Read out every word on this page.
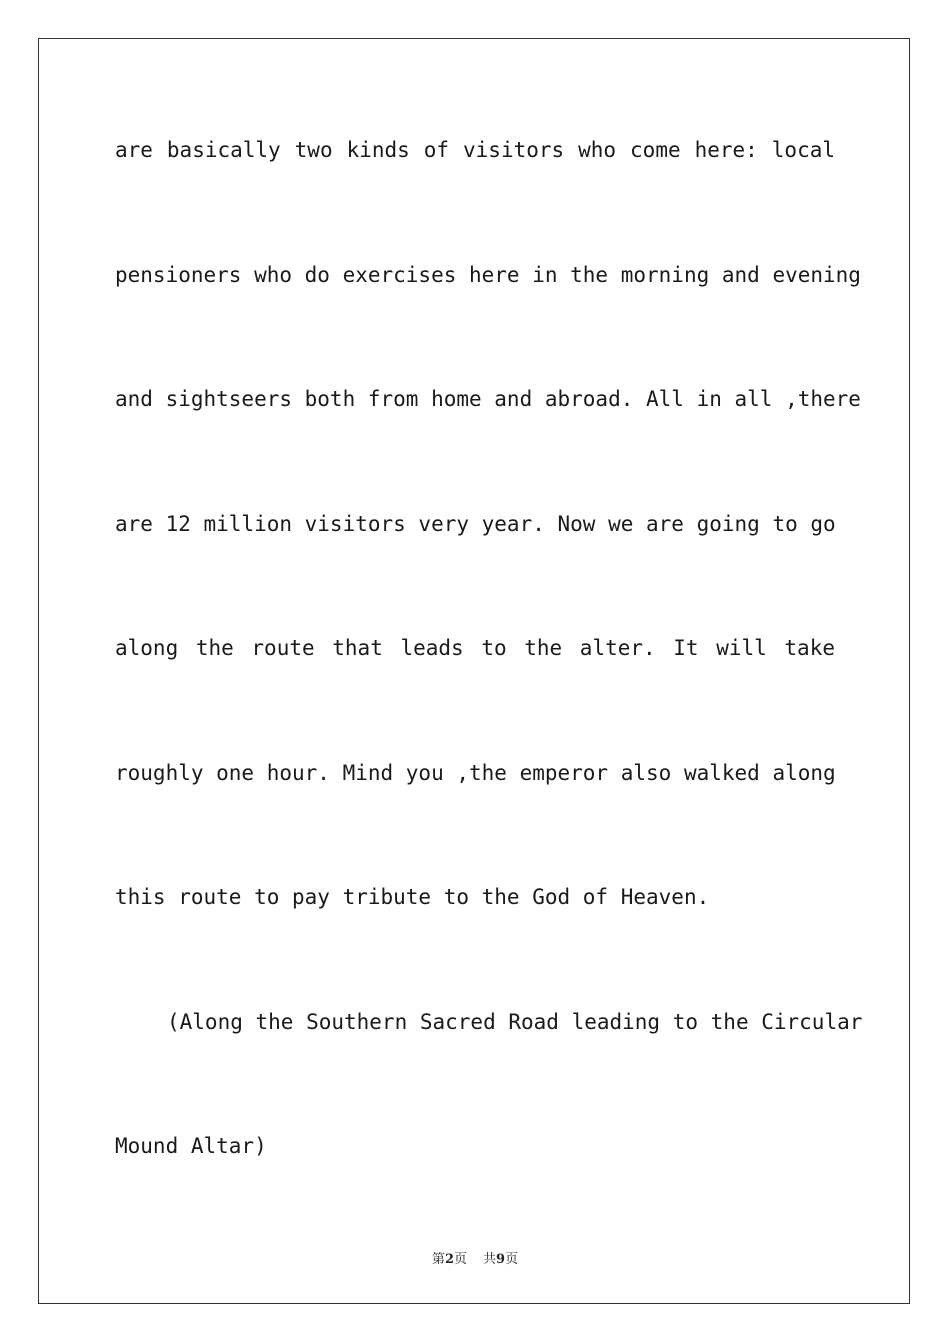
are basically two kinds of visitors who come here: local
pensioners who do exercises here in the morning and evening
and sightseers both from home and abroad. All in all ,there
are 12 million visitors very year. Now we are going to go
along the route that leads to the alter. It will take
roughly one hour. Mind you ,the emperor also walked along
this route to pay tribute to the God of Heaven.
(Along the Southern Sacred Road leading to the Circular
Mound Altar)
第2页 共9页
